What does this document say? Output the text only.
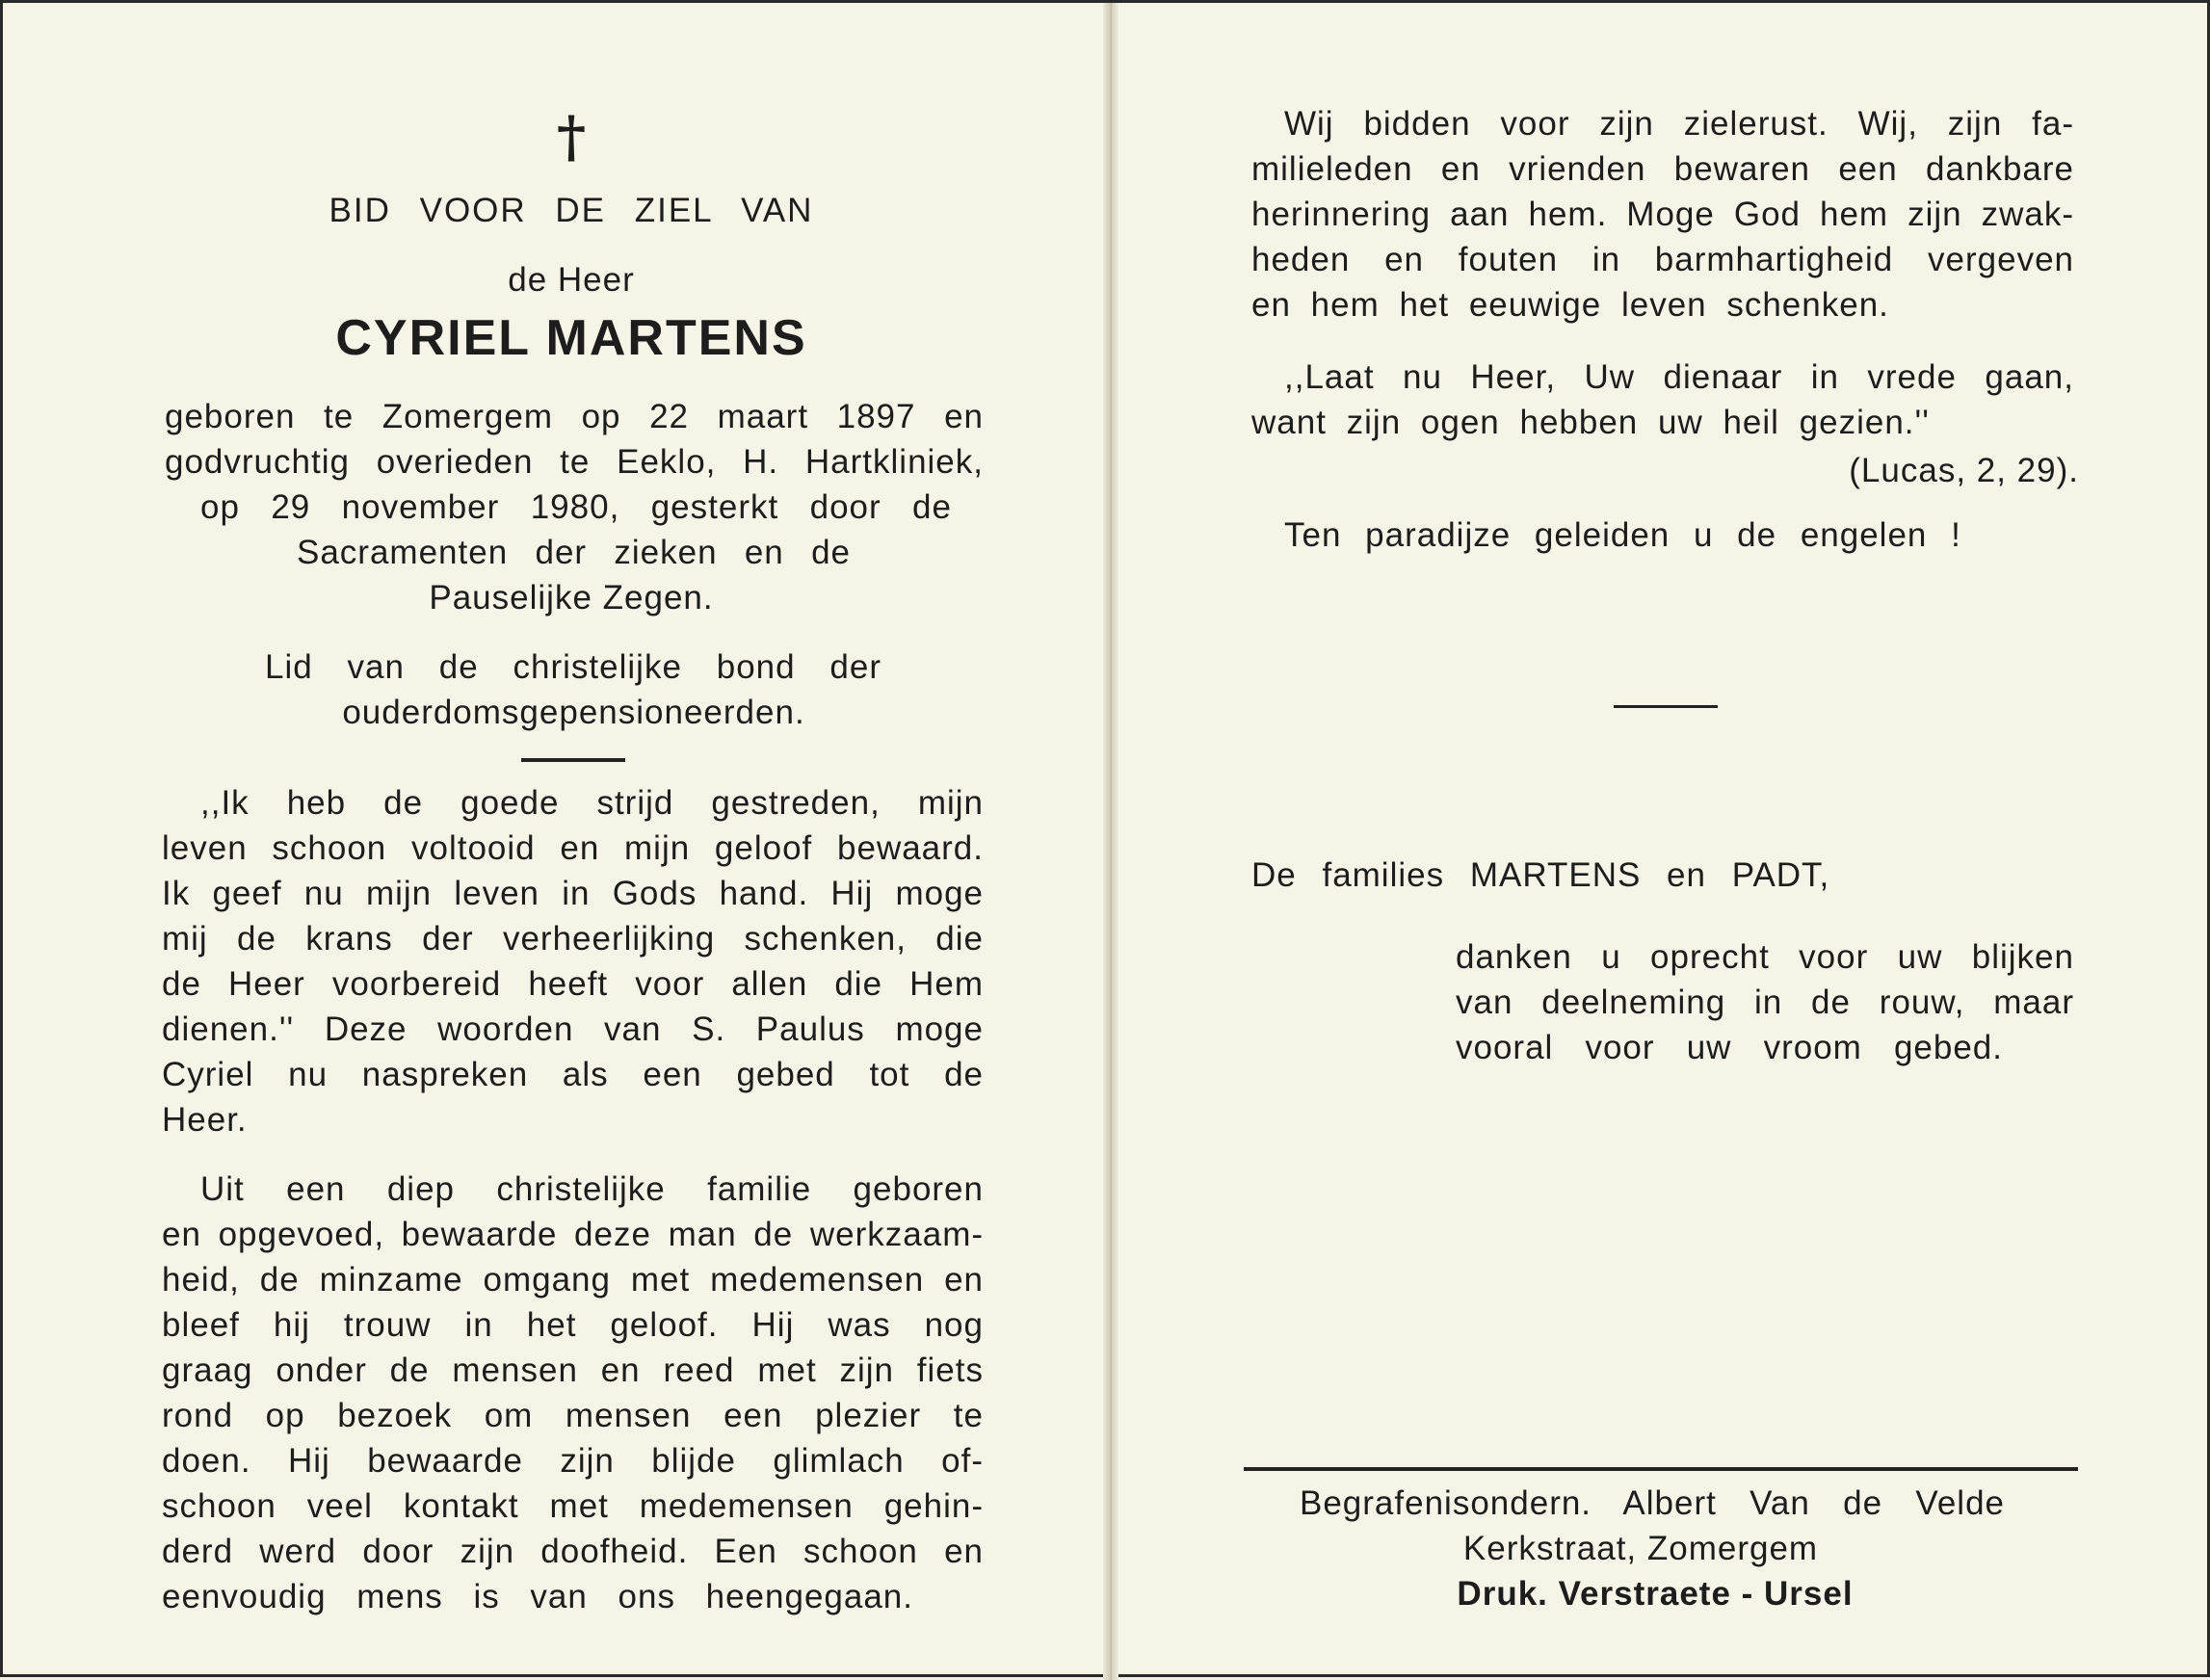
†
BID VOOR DE ZIEL VAN
de Heer
CYRIEL MARTENS
geboren te Zomergem op 22 maart 1897 en
godvruchtig overieden te Eeklo, H. Hartkliniek,
op 29 november 1980, gesterkt door de
Sacramenten der zieken en de
Pauselijke Zegen.
Lid van de christelijke bond der
ouderdomsgepensioneerden.
,,Ik heb de goede strijd gestreden, mijn
leven schoon voltooid en mijn geloof bewaard.
Ik geef nu mijn leven in Gods hand. Hij moge
mij de krans der verheerlijking schenken, die
de Heer voorbereid heeft voor allen die Hem
dienen.'' Deze woorden van S. Paulus moge
Cyriel nu naspreken als een gebed tot de
Heer.
Uit een diep christelijke familie geboren
en opgevoed, bewaarde deze man de werkzaam-
heid, de minzame omgang met medemensen en
bleef hij trouw in het geloof. Hij was nog
graag onder de mensen en reed met zijn fiets
rond op bezoek om mensen een plezier te
doen. Hij bewaarde zijn blijde glimlach of-
schoon veel kontakt met medemensen gehin-
derd werd door zijn doofheid. Een schoon en
eenvoudig mens is van ons heengegaan.
Wij bidden voor zijn zielerust. Wij, zijn fa-
milieleden en vrienden bewaren een dankbare
herinnering aan hem. Moge God hem zijn zwak-
heden en fouten in barmhartigheid vergeven
en hem het eeuwige leven schenken.
,,Laat nu Heer, Uw dienaar in vrede gaan,
want zijn ogen hebben uw heil gezien.''
(Lucas, 2, 29).
Ten paradijze geleiden u de engelen !
De families MARTENS en PADT,
danken u oprecht voor uw blijken
van deelneming in de rouw, maar
vooral voor uw vroom gebed.
Begrafenisondern. Albert Van de Velde
Kerkstraat, Zomergem
Druk. Verstraete - Ursel
